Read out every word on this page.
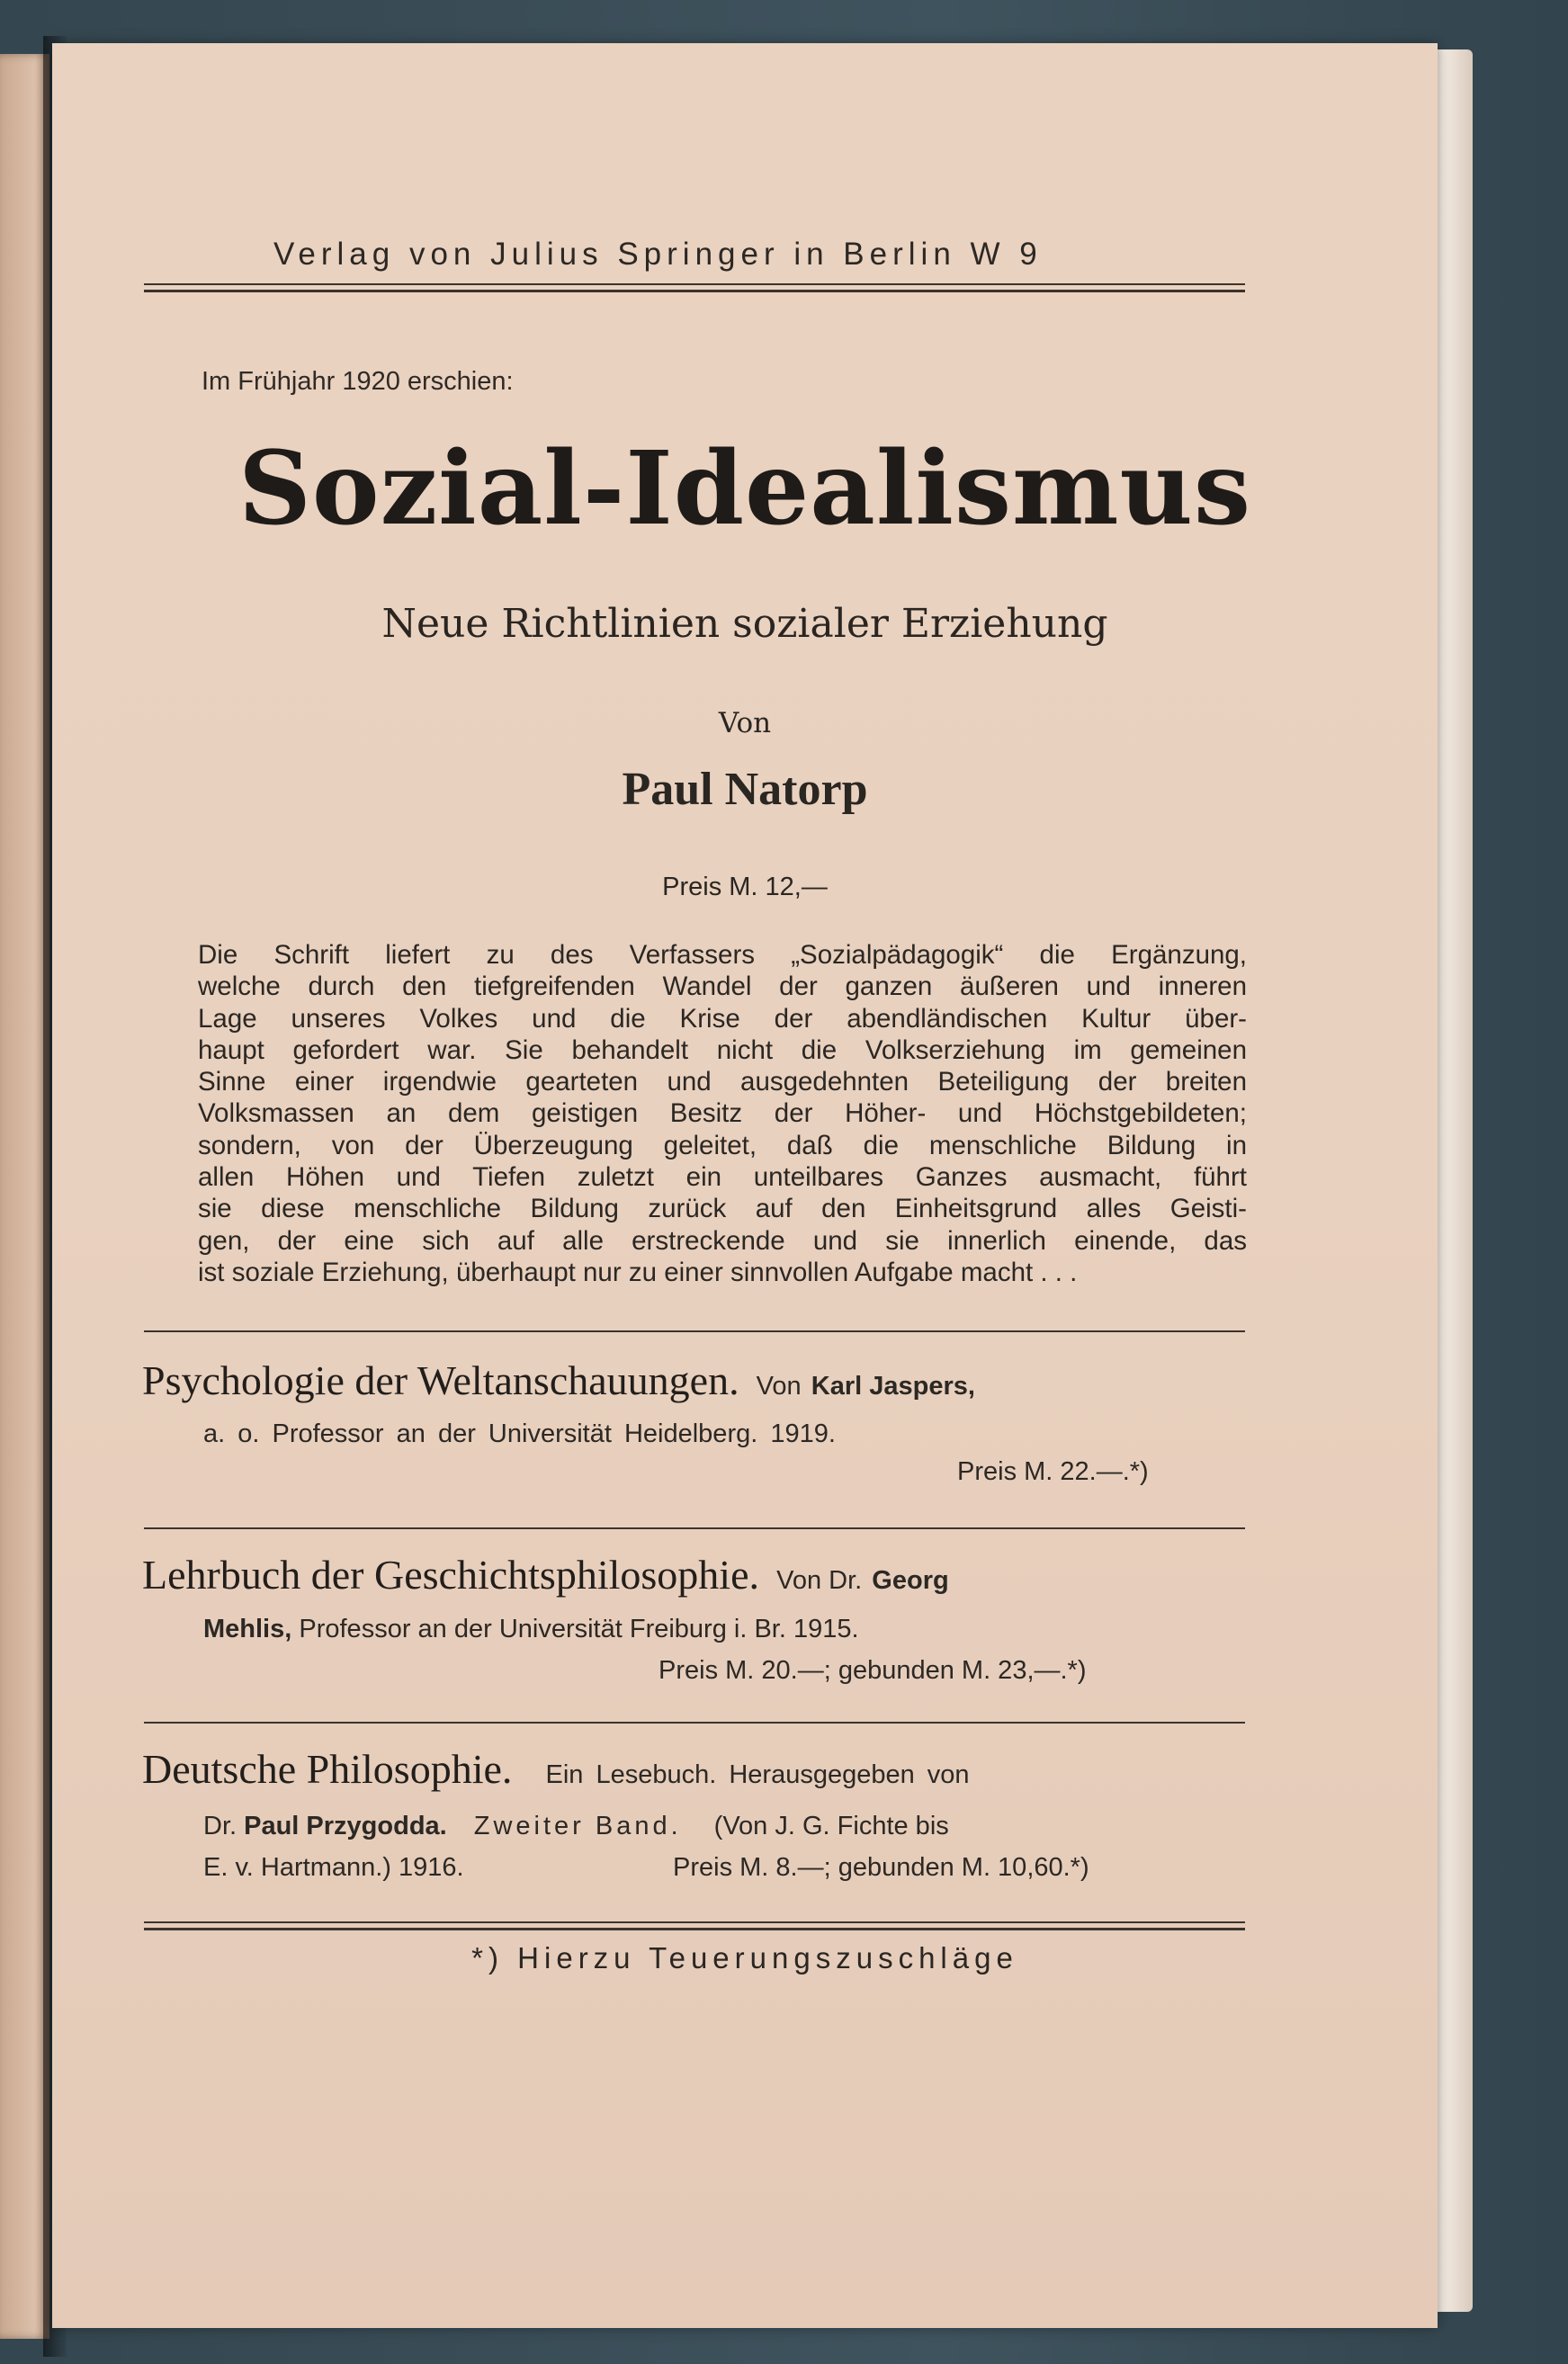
Verlag von Julius Springer in Berlin W 9

Im Frühjahr 1920 erschien:

Sozial-Idealismus

Neue Richtlinien sozialer Erziehung

Von

Paul Natorp

Preis M. 12,—

Die Schrift liefert zu des Verfassers „Sozialpädagogik“ die Ergänzung,
welche durch den tiefgreifenden Wandel der ganzen äußeren und inneren
Lage unseres Volkes und die Krise der abendländischen Kultur über-
haupt gefordert war. Sie behandelt nicht die Volkserziehung im gemeinen
Sinne einer irgendwie gearteten und ausgedehnten Beteiligung der breiten
Volksmassen an dem geistigen Besitz der Höher- und Höchstgebildeten;
sondern, von der Überzeugung geleitet, daß die menschliche Bildung in
allen Höhen und Tiefen zuletzt ein unteilbares Ganzes ausmacht, führt
sie diese menschliche Bildung zurück auf den Einheitsgrund alles Geisti-
gen, der eine sich auf alle erstreckende und sie innerlich einende, das
ist soziale Erziehung, überhaupt nur zu einer sinnvollen Aufgabe macht . . .
Psychologie der Weltanschauungen. Von Karl Jaspers,

a. o. Professor an der Universität Heidelberg. 1919.

Preis M. 22.—.*)

Lehrbuch der Geschichtsphilosophie. Von Dr. Georg

Mehlis, Professor an der Universität Freiburg i. Br. 1915.

Preis M. 20.—; gebunden M. 23,—.*)

Deutsche Philosophie. Ein Lesebuch. Herausgegeben von

Dr. Paul Przygodda. Zweiter Band. (Von J. G. Fichte bis

E. v. Hartmann.) 1916.	Preis M. 8.—; gebunden M. 10,60.*)

*) Hierzu Teuerungszuschläge
